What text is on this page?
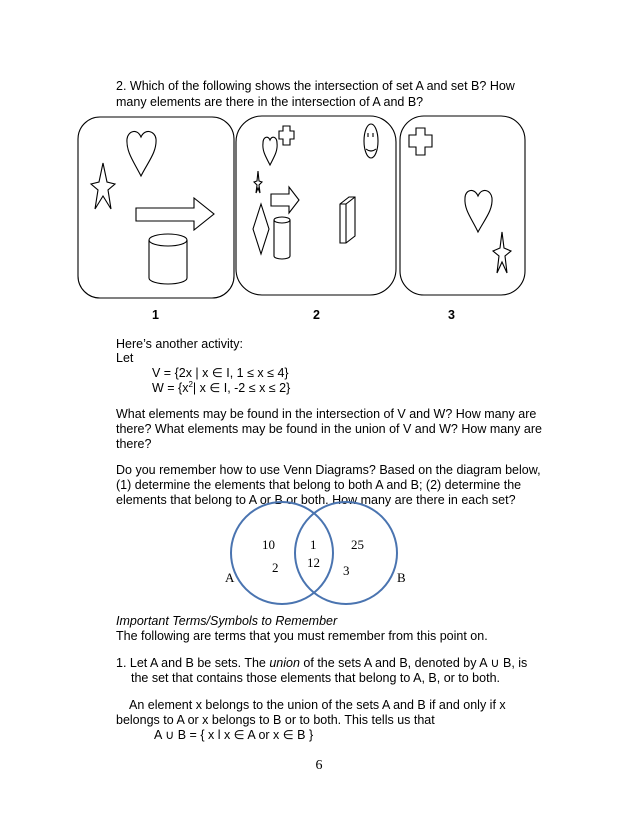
2. Which of the following shows the intersection of set A and set B? How
many elements are there in the intersection of A and B?
1	2	3
Here’s another activity:
Let
V = {2x | x ∈ I, 1 ≤ x ≤ 4}
$W = \{x^2|$ x ∈ I, -2 ≤ x ≤ 2}
What elements may be found in the intersection of V and W? How many are
there? What elements may be found in the union of V and W? How many are
there?
Do you remember how to use Venn Diagrams? Based on the diagram below,
(1) determine the elements that belong to both A and B; (2) determine the
elements that belong to A or B or both. How many are there in each set?
A	B
10
2
1
12
25
3
Important Terms/Symbols to Remember
The following are terms that you must remember from this point on.
1. Let A and B be sets. The union of the sets A and B, denoted by A ∪ B, is
the set that contains those elements that belong to A, B, or to both.
An element x belongs to the union of the sets A and B if and only if x
belongs to A or x belongs to B or to both. This tells us that
A ∪ B = { x l x ∈ A or x ∈ B }
6
